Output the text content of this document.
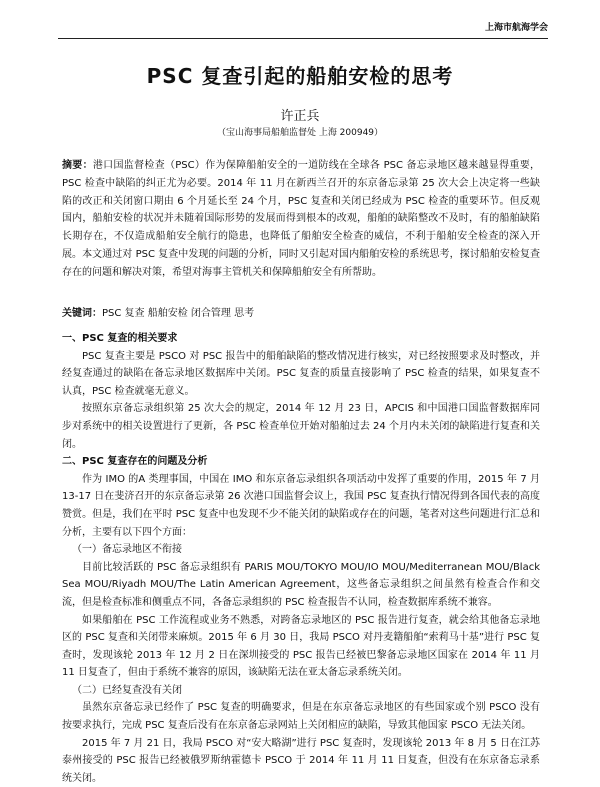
上海市航海学会
PSC 复查引起的船舶安检的思考
许正兵
（宝山海事局船舶监督处 上海 200949）
摘要：港口国监督检查（PSC）作为保障船舶安全的一道防线在全球各 PSC 备忘录地区越来越显得重要，PSC 检查中缺陷的纠正尤为必要。2014 年 11 月在新西兰召开的东京备忘录第 25 次大会上决定将一些缺陷的改正和关闭窗口期由 6 个月延长至 24 个月，PSC 复查和关闭已经成为 PSC 检查的重要环节。但反观国内，船舶安检的状况并未随着国际形势的发展而得到根本的改观，船舶的缺陷整改不及时，有的船舶缺陷长期存在，不仅造成船舶安全航行的隐患，也降低了船舶安全检查的威信，不利于船舶安全检查的深入开展。本文通过对 PSC 复查中发现的问题的分析，同时又引起对国内船舶安检的系统思考，探讨船舶安检复查存在的问题和解决对策，希望对海事主管机关和保障船舶安全有所帮助。
关键词：PSC 复查 船舶安检 闭合管理 思考

一、PSC 复查的相关要求

PSC 复查主要是 PSCO 对 PSC 报告中的船舶缺陷的整改情况进行核实，对已经按照要求及时整改，并经复查通过的缺陷在备忘录地区数据库中关闭。PSC 复查的质量直接影响了 PSC 检查的结果，如果复查不认真，PSC 检查就毫无意义。

按照东京备忘录组织第 25 次大会的规定，2014 年 12 月 23 日，APCIS 和中国港口国监督数据库同步对系统中的相关设置进行了更新，各 PSC 检查单位开始对船舶过去 24 个月内未关闭的缺陷进行复查和关闭。

二、PSC 复查存在的问题及分析

作为 IMO 的A 类理事国，中国在 IMO 和东京备忘录组织各项活动中发挥了重要的作用，2015 年 7 月 13-17 日在斐济召开的东京备忘录第 26 次港口国监督会议上，我国 PSC 复查执行情况得到各国代表的高度赞赏。但是，我们在平时 PSC 复查中也发现不少不能关闭的缺陷或存在的问题，笔者对这些问题进行汇总和分析，主要有以下四个方面：

（一）备忘录地区不衔接

目前比较活跃的 PSC 备忘录组织有 PARIS MOU/TOKYO MOU/IO MOU/Mediterranean MOU/Black Sea MOU/Riyadh MOU/The Latin American Agreement，这些备忘录组织之间虽然有检查合作和交流，但是检查标准和侧重点不同，各备忘录组织的 PSC 检查报告不认同，检查数据库系统不兼容。

如果船舶在 PSC 工作流程或业务不熟悉，对跨备忘录地区的 PSC 报告进行复查，就会给其他备忘录地区的 PSC 复查和关闭带来麻烦。2015 年 6 月 30 日，我局 PSCO 对丹麦籍船舶“索莉马十基”进行 PSC 复查时，发现该轮 2013 年 12 月 2 日在深圳接受的 PSC 报告已经被巴黎备忘录地区国家在 2014 年 11 月 11 日复查了，但由于系统不兼容的原因，该缺陷无法在亚太备忘录系统关闭。

（二）已经复查没有关闭

虽然东京备忘录已经作了 PSC 复查的明确要求，但是在东京备忘录地区的有些国家或个别 PSCO 没有按要求执行，完成 PSC 复查后没有在东京备忘录网站上关闭相应的缺陷，导致其他国家 PSCO 无法关闭。

2015 年 7 月 21 日，我局 PSCO 对“安大略湖”进行 PSC 复查时，发现该轮 2013 年 8 月 5 日在江苏泰州接受的 PSC 报告已经被俄罗斯纳霍德卡 PSCO 于 2014 年 11 月 11 日复查，但没有在东京备忘录系统关闭。
